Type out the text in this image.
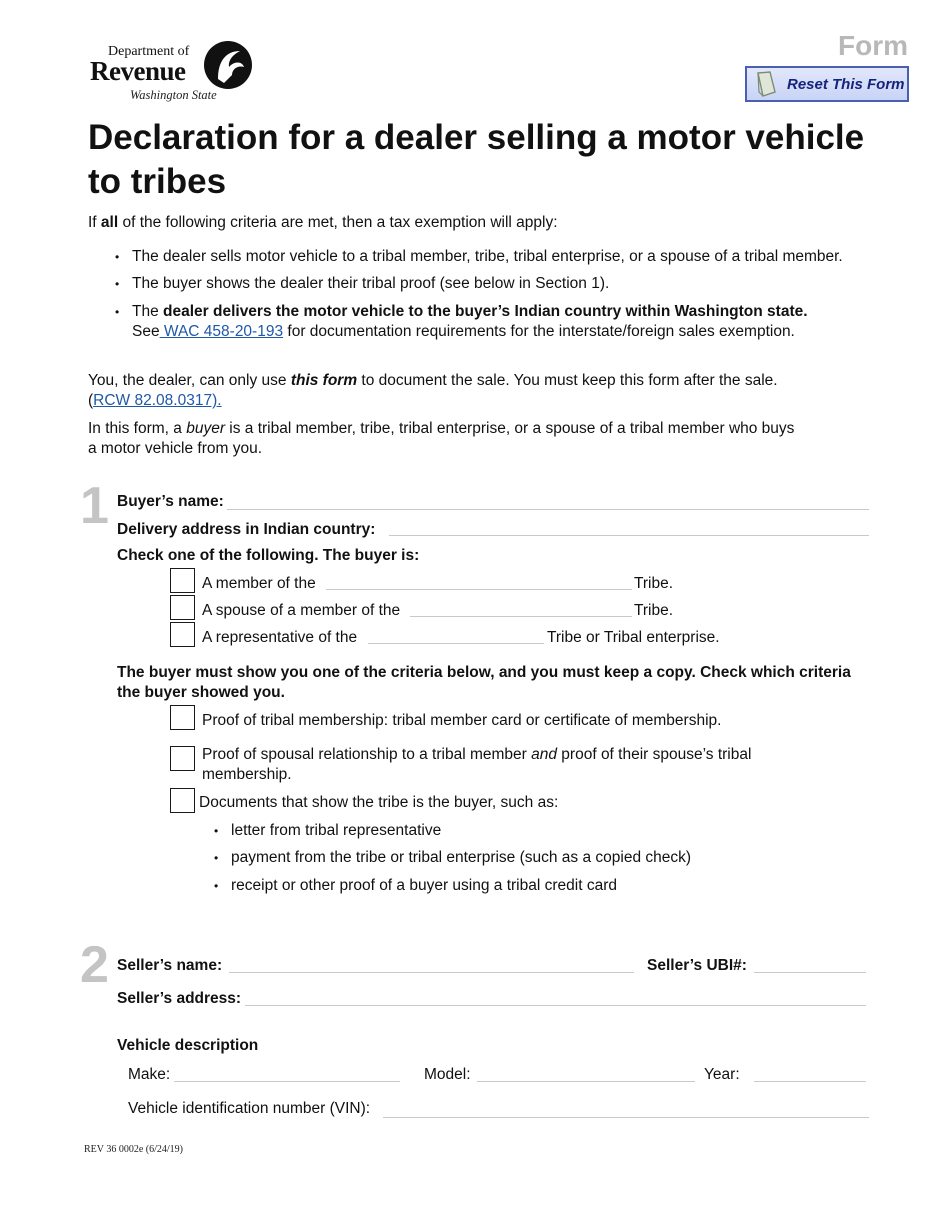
Department of
Revenue
Washington State
Form
Reset This Form
Declaration for a dealer selling a motor vehicle to tribes
If all of the following criteria are met, then a tax exemption will apply:
• The dealer sells motor vehicle to a tribal member, tribe, tribal enterprise, or a spouse of a tribal member.
• The buyer shows the dealer their tribal proof (see below in Section 1).
• The dealer delivers the motor vehicle to the buyer’s Indian country within Washington state.
See WAC 458-20-193 for documentation requirements for the interstate/foreign sales exemption.
You, the dealer, can only use this form to document the sale. You must keep this form after the sale.
(RCW 82.08.0317).
In this form, a buyer is a tribal member, tribe, tribal enterprise, or a spouse of a tribal member who buys
a motor vehicle from you.
1 Buyer’s name:
Delivery address in Indian country:
Check one of the following. The buyer is:
A member of the	Tribe.
A spouse of a member of the	Tribe.
A representative of the	Tribe or Tribal enterprise.
The buyer must show you one of the criteria below, and you must keep a copy. Check which criteria
the buyer showed you.
Proof of tribal membership: tribal member card or certificate of membership.
Proof of spousal relationship to a tribal member and proof of their spouse’s tribal
membership.
Documents that show the tribe is the buyer, such as:
• letter from tribal representative
• payment from the tribe or tribal enterprise (such as a copied check)
• receipt or other proof of a buyer using a tribal credit card
2 Seller’s name:	Seller’s UBI#:
Seller’s address:
Vehicle description
Make:	Model:	Year:
Vehicle identification number (VIN):
REV 36 0002e (6/24/19)
